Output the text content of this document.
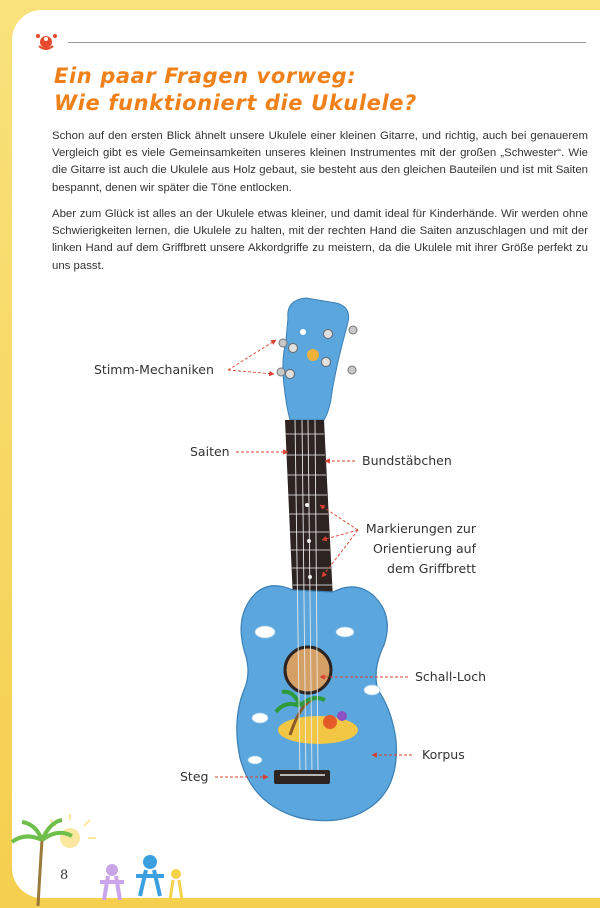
Ein paar Fragen vorweg:
Wie funktioniert die Ukulele?

Schon auf den ersten Blick ähnelt unsere Ukulele einer kleinen Gitarre, und richtig, auch bei genauerem Vergleich gibt es viele Gemeinsamkeiten unseres kleinen Instrumentes mit der großen „Schwester“. Wie die Gitarre ist auch die Ukulele aus Holz gebaut, sie besteht aus den gleichen Bauteilen und ist mit Saiten bespannt, denen wir später die Töne entlocken.

Aber zum Glück ist alles an der Ukulele etwas kleiner, und damit ideal für Kinderhände. Wir werden ohne Schwierigkeiten lernen, die Ukulele zu halten, mit der rechten Hand die Saiten anzuschlagen und mit der linken Hand auf dem Griffbrett unsere Akkordgriffe zu meistern, da die Ukulele mit ihrer Größe perfekt zu uns passt.

Stimm-Mechaniken
Saiten
Bundstäbchen
Markierungen zur
Orientierung auf
dem Griffbrett
Schall-Loch
Korpus
Steg
8
